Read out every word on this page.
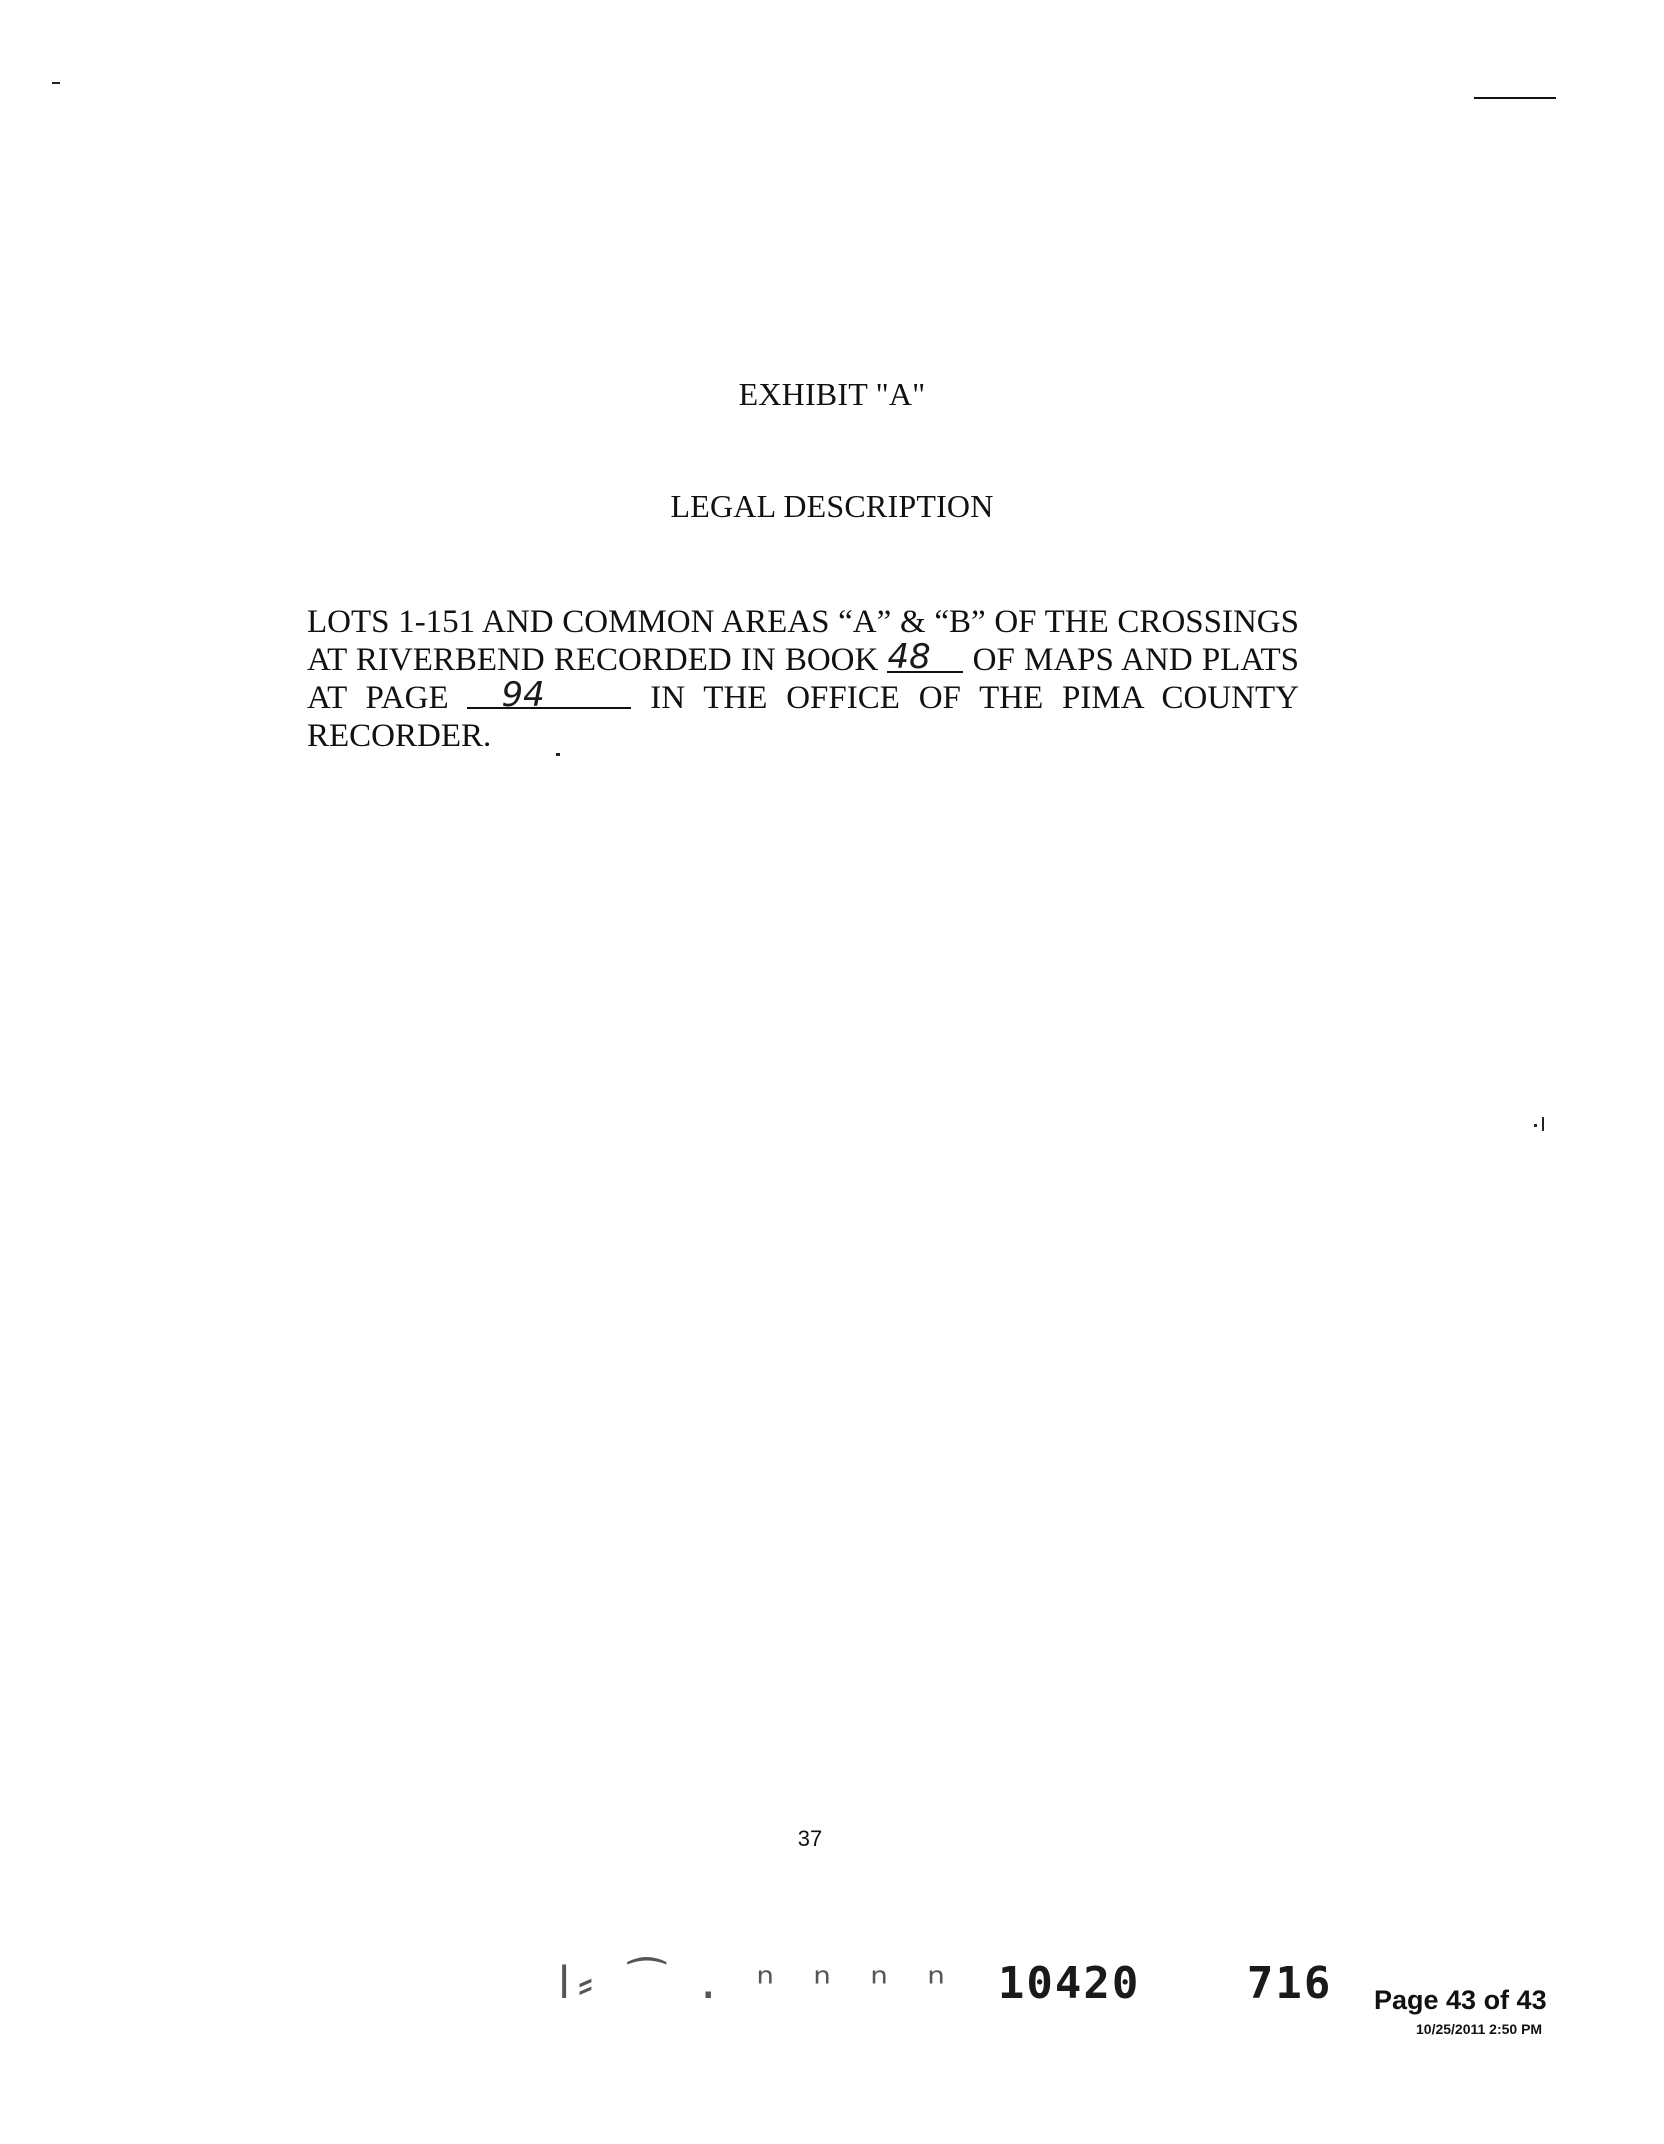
EXHIBIT "A"
LEGAL DESCRIPTION
LOTS 1-151 AND COMMON AREAS “A” & “B” OF THE CROSSINGS
AT RIVERBEND RECORDED IN BOOK 48 OF MAPS AND PLATS
AT PAGE 94	IN THE OFFICE OF THE PIMA COUNTY
RECORDER.
37
ⅼ⸗ ⁀ . ⁿ ⁿ ⁿ ⁿ 10420 716 Page 43 of 43
10/25/2011 2:50 PM
